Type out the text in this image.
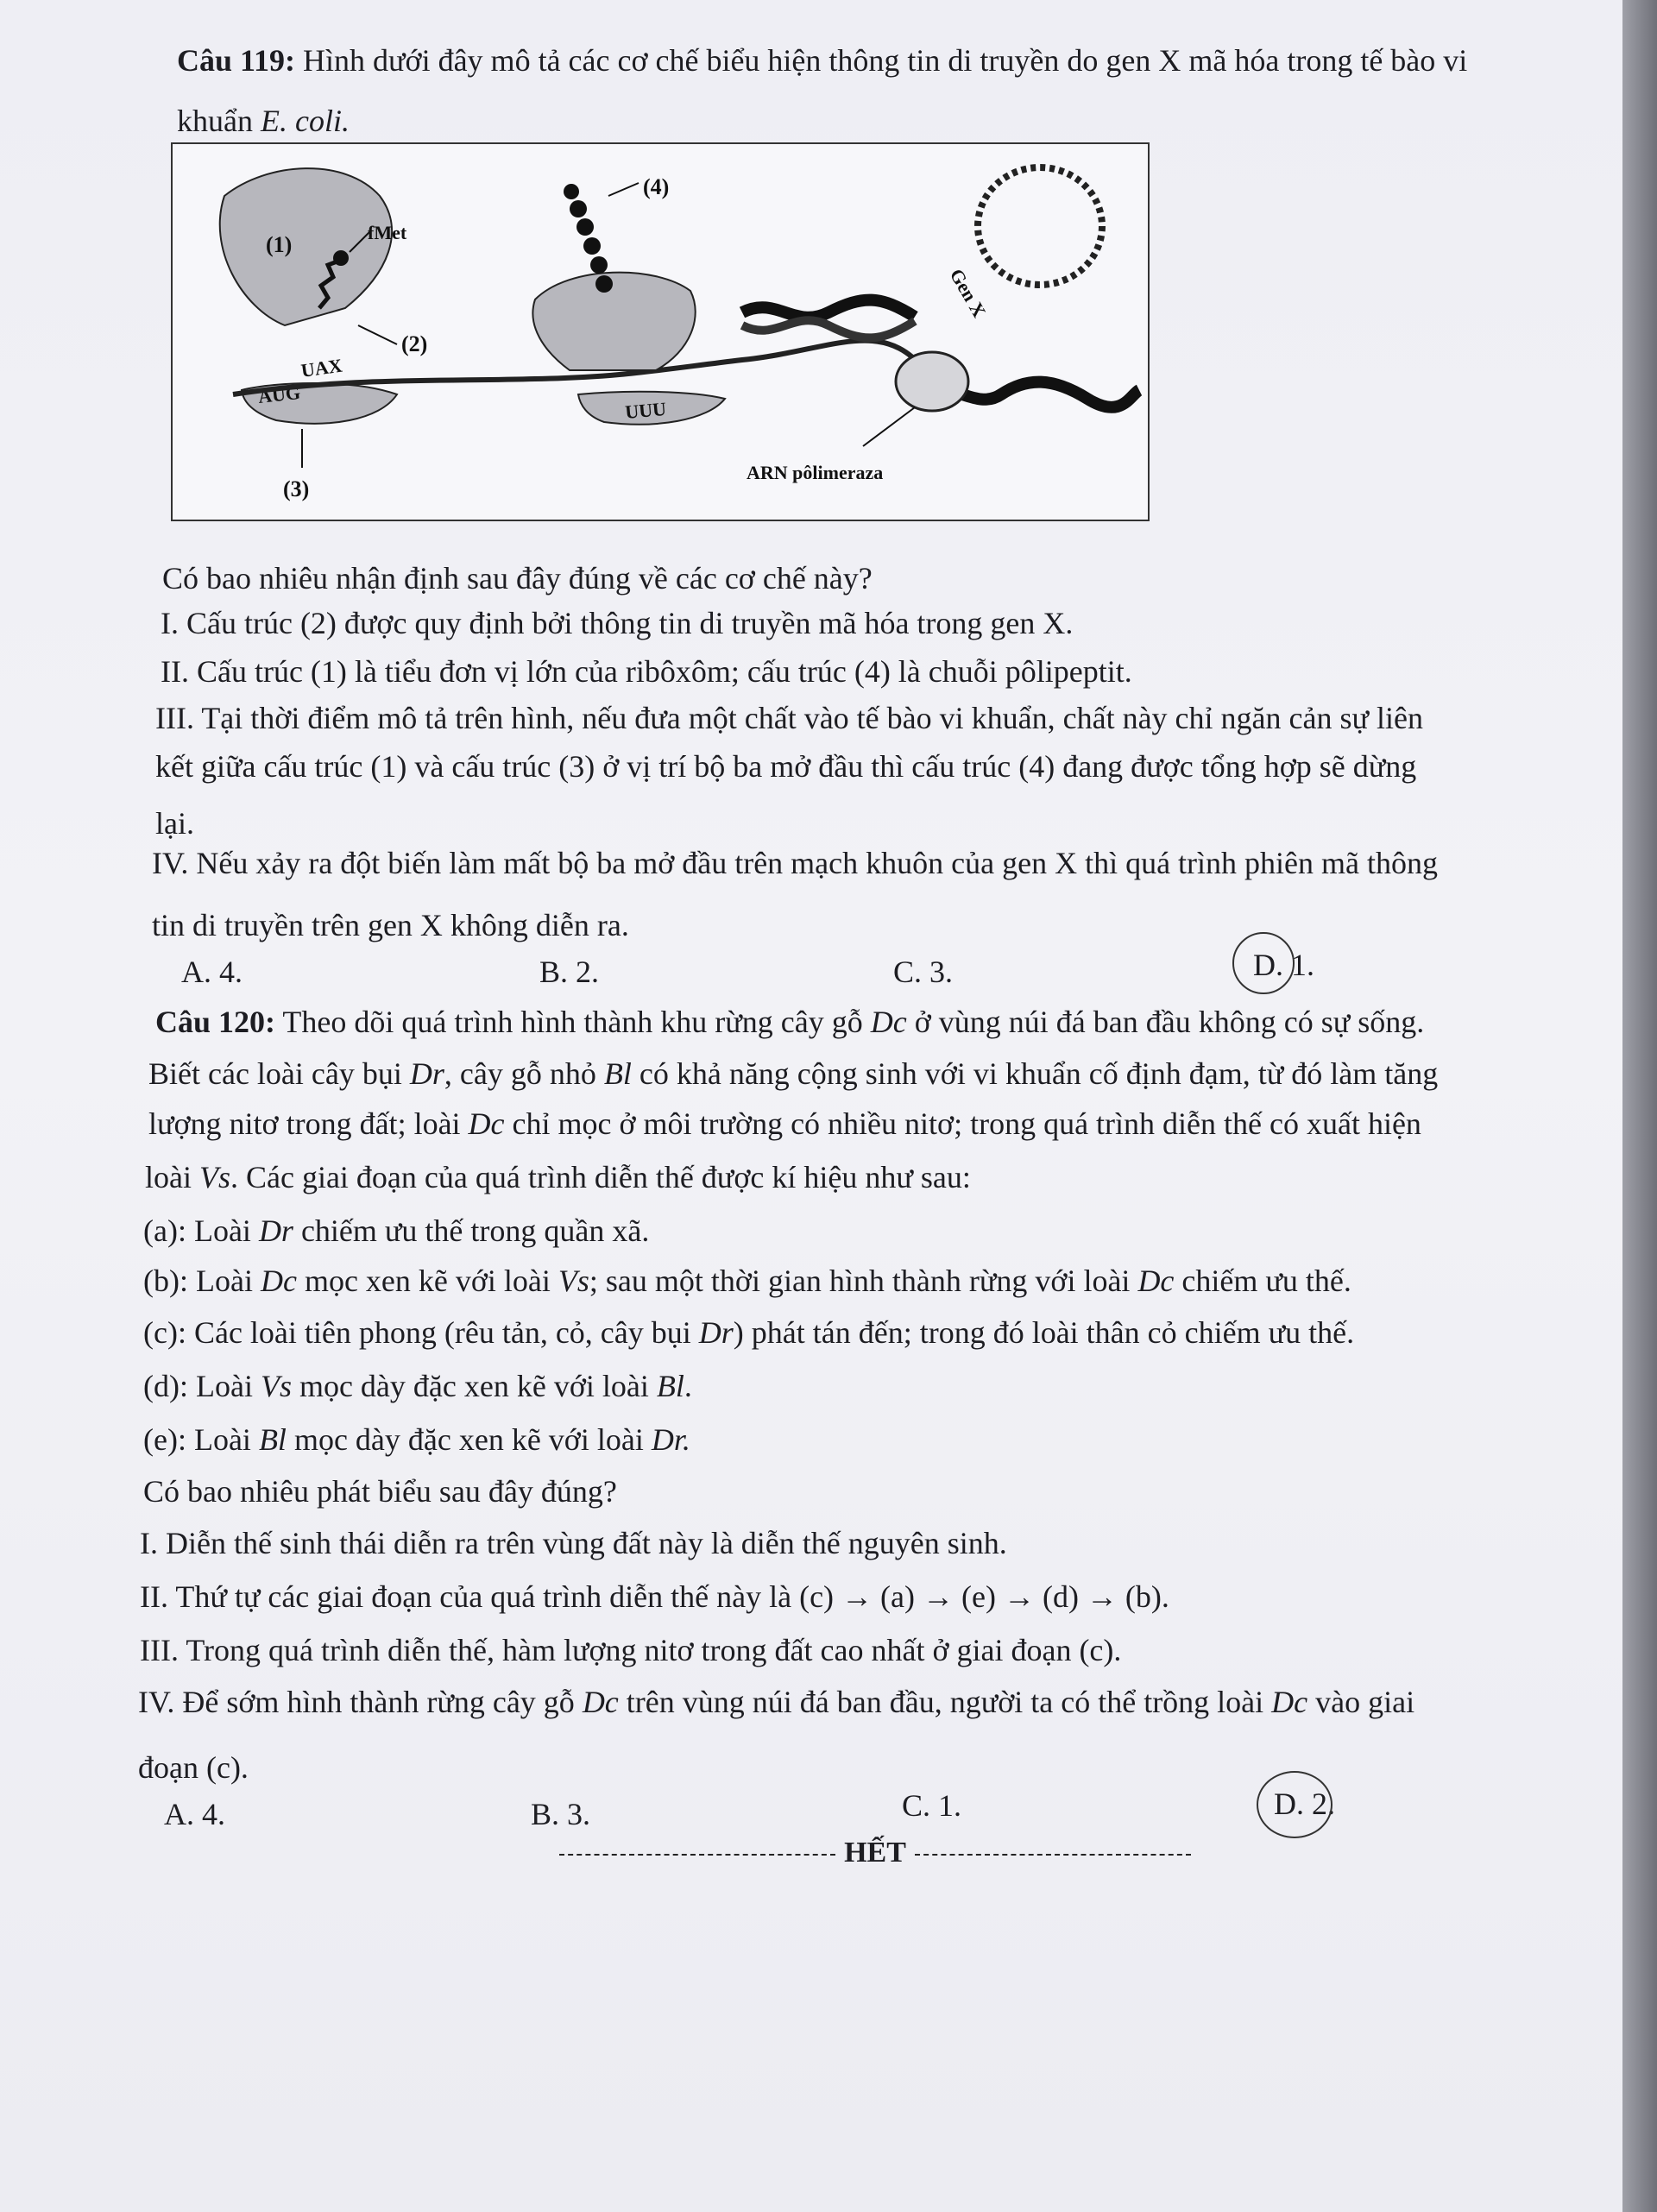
Câu 119: Hình dưới đây mô tả các cơ chế biểu hiện thông tin di truyền do gen X mã hóa trong tế bào vi
khuẩn E. coli.
(1)	fMet
(2)
UAX
AUG
(3)
UUU
(4)
Gen X
ARN pôlimeraza
Có bao nhiêu nhận định sau đây đúng về các cơ chế này?
I. Cấu trúc (2) được quy định bởi thông tin di truyền mã hóa trong gen X.
II. Cấu trúc (1) là tiểu đơn vị lớn của ribôxôm; cấu trúc (4) là chuỗi pôlipeptit.
III. Tại thời điểm mô tả trên hình, nếu đưa một chất vào tế bào vi khuẩn, chất này chỉ ngăn cản sự liên
kết giữa cấu trúc (1) và cấu trúc (3) ở vị trí bộ ba mở đầu thì cấu trúc (4) đang được tổng hợp sẽ dừng
lại.
IV. Nếu xảy ra đột biến làm mất bộ ba mở đầu trên mạch khuôn của gen X thì quá trình phiên mã thông
tin di truyền trên gen X không diễn ra.
A. 4.	B. 2.	C. 3.	D. 1.
Câu 120: Theo dõi quá trình hình thành khu rừng cây gỗ Dc ở vùng núi đá ban đầu không có sự sống.
Biết các loài cây bụi Dr, cây gỗ nhỏ Bl có khả năng cộng sinh với vi khuẩn cố định đạm, từ đó làm tăng
lượng nitơ trong đất; loài Dc chỉ mọc ở môi trường có nhiều nitơ; trong quá trình diễn thế có xuất hiện
loài Vs. Các giai đoạn của quá trình diễn thế được kí hiệu như sau:
(a): Loài Dr chiếm ưu thế trong quần xã.
(b): Loài Dc mọc xen kẽ với loài Vs; sau một thời gian hình thành rừng với loài Dc chiếm ưu thế.
(c): Các loài tiên phong (rêu tản, cỏ, cây bụi Dr) phát tán đến; trong đó loài thân cỏ chiếm ưu thế.
(d): Loài Vs mọc dày đặc xen kẽ với loài Bl.
(e): Loài Bl mọc dày đặc xen kẽ với loài Dr.
Có bao nhiêu phát biểu sau đây đúng?
I. Diễn thế sinh thái diễn ra trên vùng đất này là diễn thế nguyên sinh.
II. Thứ tự các giai đoạn của quá trình diễn thế này là (c) → (a) → (e) → (d) → (b).
III. Trong quá trình diễn thế, hàm lượng nitơ trong đất cao nhất ở giai đoạn (c).
IV. Để sớm hình thành rừng cây gỗ Dc trên vùng núi đá ban đầu, người ta có thể trồng loài Dc vào giai
đoạn (c).
A. 4.	B. 3.	C. 1.	D. 2.
HẾT
